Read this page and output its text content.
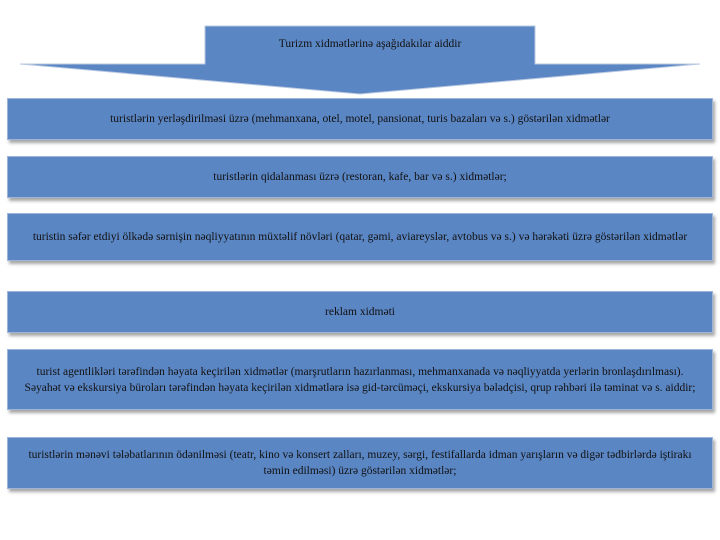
Turizm xidmətlərinə aşağıdakılar aiddir
turistlərin yerləşdirilməsi üzrə (mehmanxana, otel, motel, pansionat, turis bazaları və s.) göstərilən xidmətlər
turistlərin qidalanması üzrə (restoran, kafe, bar və s.) xidmətlər;
turistin səfər etdiyi ölkədə sərnişin nəqliyyatının müxtəlif növləri (qatar, gəmi, aviareyslər, avtobus və s.) və hərəkəti üzrə göstərilən xidmətlər
reklam xidməti
turist agentlikləri tərəfindən həyata keçirilən xidmətlər (marşrutların hazırlanması, mehmanxanada və nəqliyyatda yerlərin bronlaşdırılması). Səyahət və ekskursiya büroları tərəfindən həyata keçirilən xidmətlərə isə gid-tərcüməçi, ekskursiya bələdçisi, qrup rəhbəri ilə təminat və s. aiddir;
turistlərin mənəvi tələbatlarının ödənilməsi (teatr, kino və konsert zalları, muzey, sərgi, festifallarda idman yarışların və digər tədbirlərdə iştirakı təmin edilməsi) üzrə göstərilən xidmətlər;
